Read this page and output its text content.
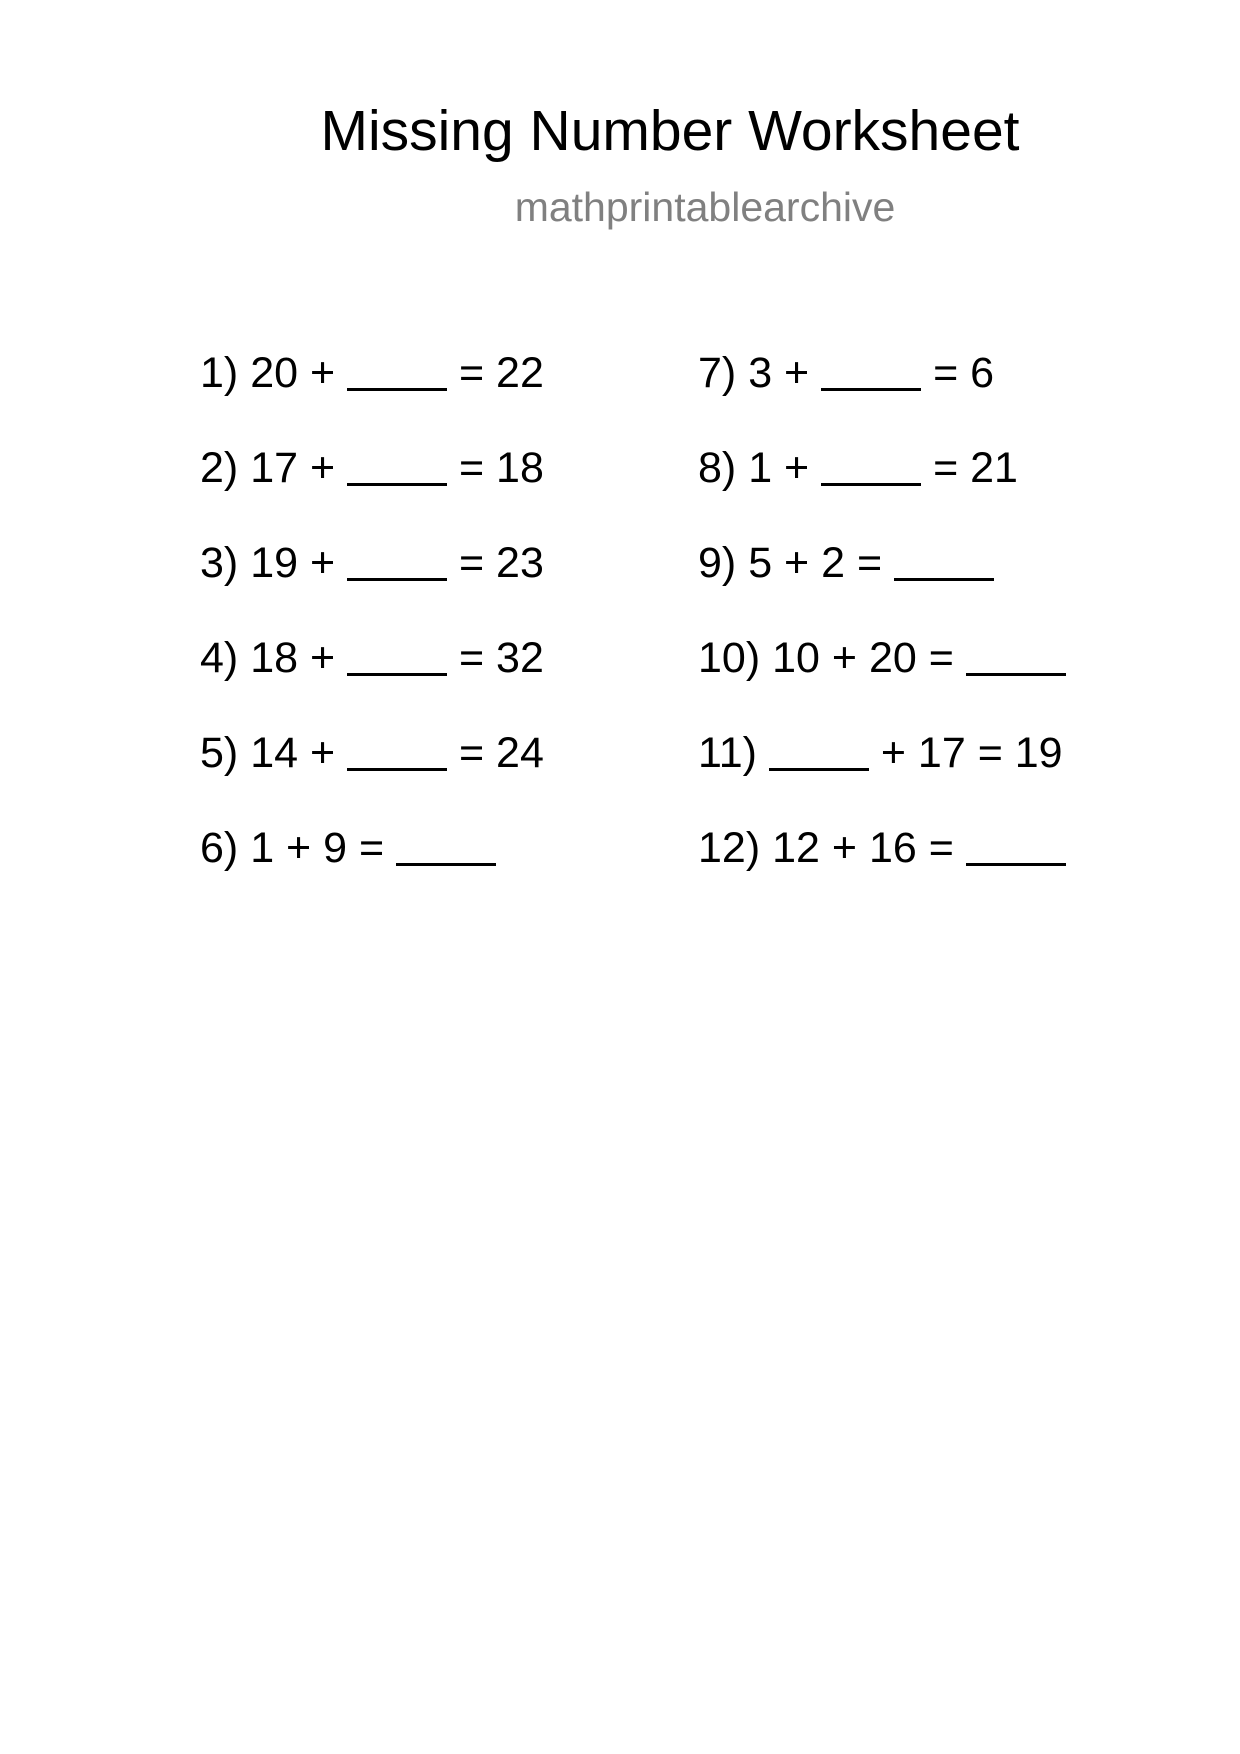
Missing Number Worksheet
mathprintablearchive
1) 20 +	= 22
2) 17 +	= 18
3) 19 +	= 23
4) 18 +	= 32
5) 14 +	= 24
6) 1 + 9 =
7) 3 +	= 6
8) 1 +	= 21
9) 5 + 2 =
10) 10 + 20 =
11)	+ 17 = 19
12) 12 + 16 =
